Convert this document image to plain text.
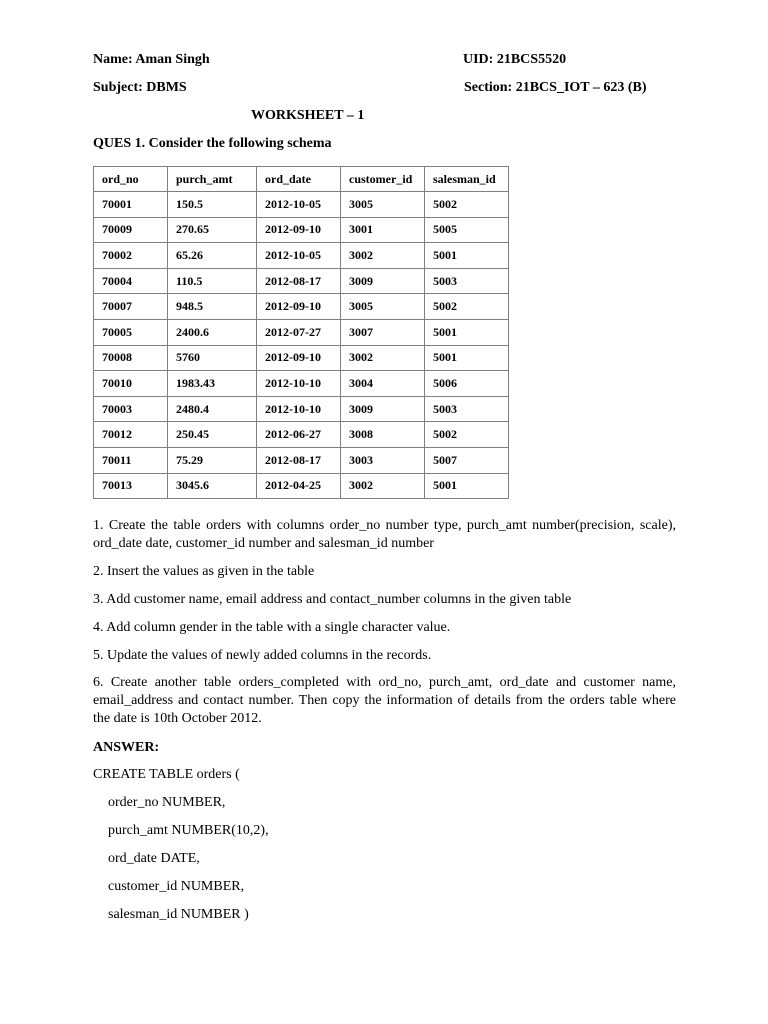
Name: Aman Singh	UID: 21BCS5520
Subject: DBMS	Section: 21BCS_IOT – 623 (B)
WORKSHEET – 1
QUES 1. Consider the following schema
ord_no	purch_amt	ord_date	customer_id	salesman_id
70001	150.5	2012-10-05	3005	5002
70009	270.65	2012-09-10	3001	5005
70002	65.26	2012-10-05	3002	5001
70004	110.5	2012-08-17	3009	5003
70007	948.5	2012-09-10	3005	5002
70005	2400.6	2012-07-27	3007	5001
70008	5760	2012-09-10	3002	5001
70010	1983.43	2012-10-10	3004	5006
70003	2480.4	2012-10-10	3009	5003
70012	250.45	2012-06-27	3008	5002
70011	75.29	2012-08-17	3003	5007
70013	3045.6	2012-04-25	3002	5001
1. Create the table orders with columns order_no number type, purch_amt number(precision, scale), ord_date date, customer_id number and salesman_id number
2. Insert the values as given in the table
3. Add customer name, email address and contact_number columns in the given table
4. Add column gender in the table with a single character value.
5. Update the values of newly added columns in the records.
6. Create another table orders_completed with ord_no, purch_amt, ord_date and customer name, email_address and contact number. Then copy the information of details from the orders table where the date is 10th October 2012.
ANSWER:
CREATE TABLE orders (
order_no NUMBER,
purch_amt NUMBER(10,2),
ord_date DATE,
customer_id NUMBER,
salesman_id NUMBER )
